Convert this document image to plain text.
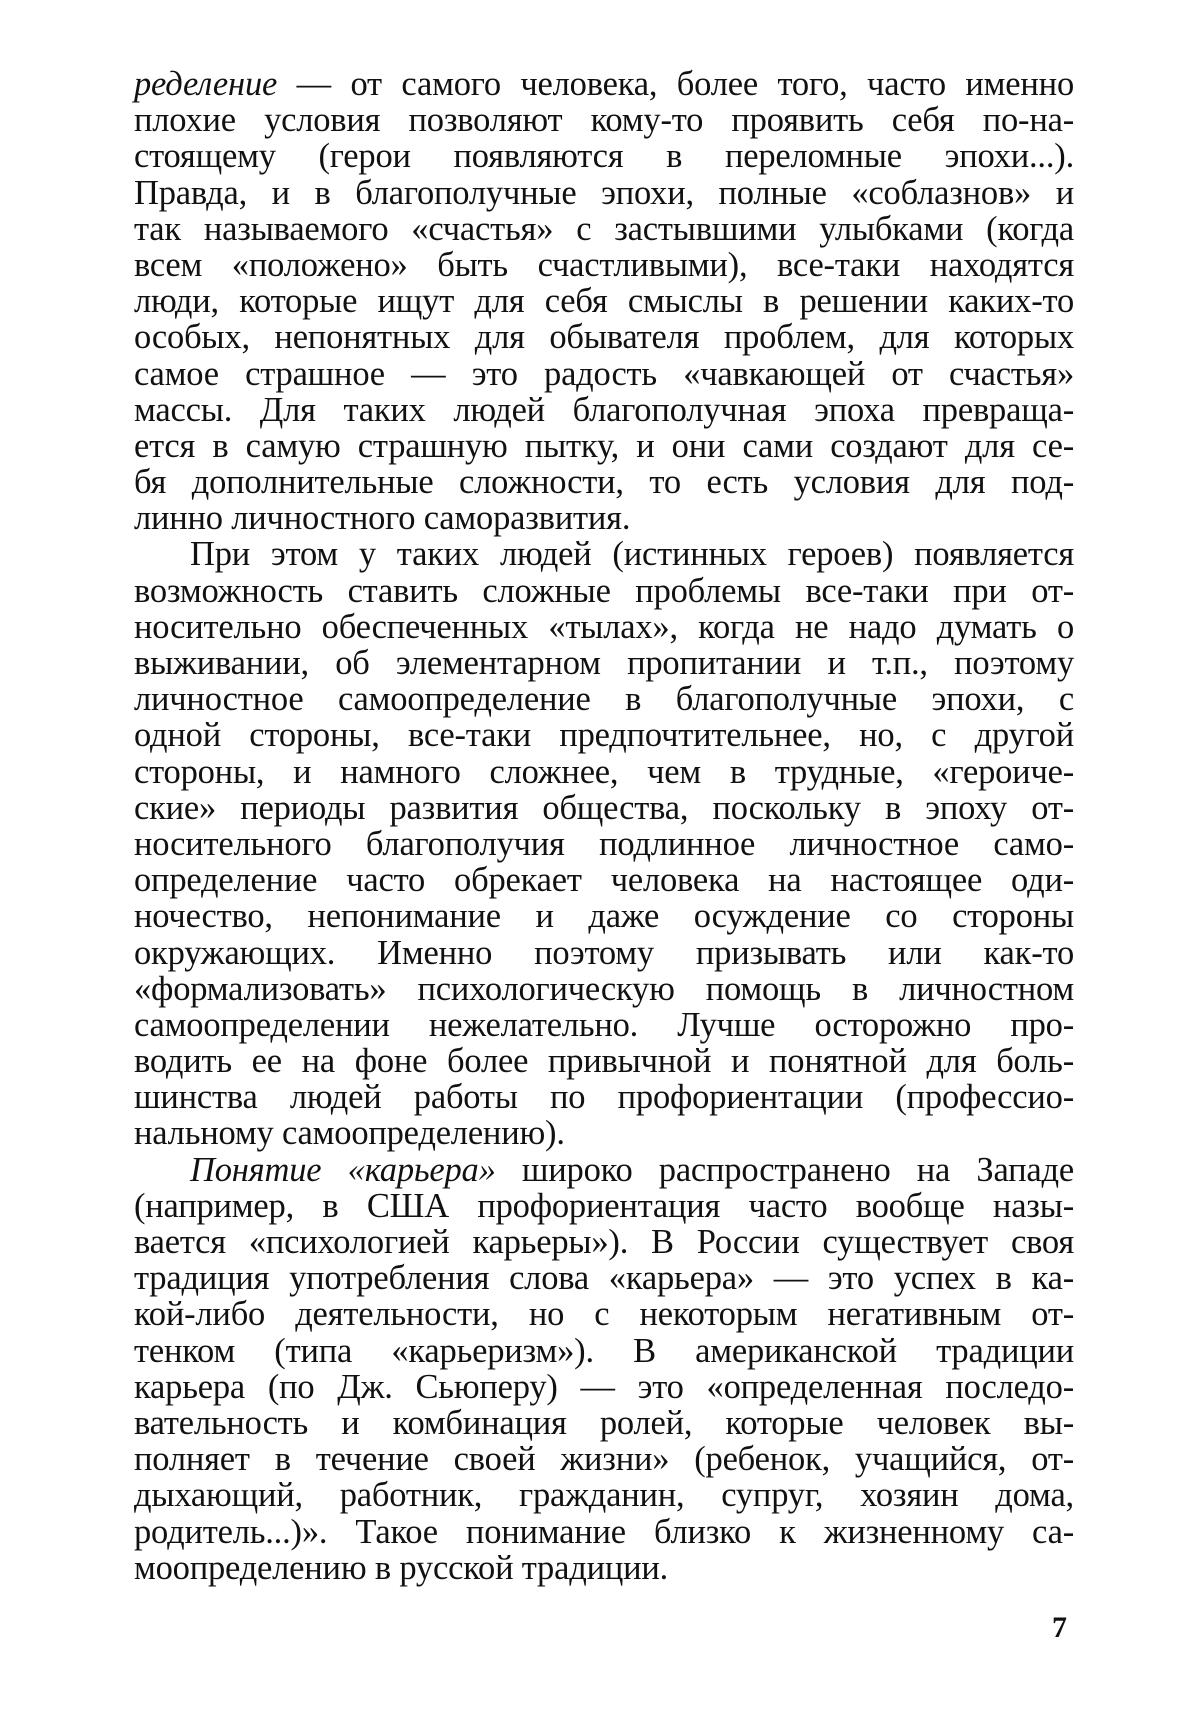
ределение — от самого человека, более того, часто именно
плохие условия позволяют кому-то проявить себя по-на-
стоящему (герои появляются в переломные эпохи...).
Правда, и в благополучные эпохи, полные «соблазнов» и
так называемого «счастья» с застывшими улыбками (когда
всем «положено» быть счастливыми), все-таки находятся
люди, которые ищут для себя смыслы в решении каких-то
особых, непонятных для обывателя проблем, для которых
самое страшное — это радость «чавкающей от счастья»
массы. Для таких людей благополучная эпоха превраща-
ется в самую страшную пытку, и они сами создают для се-
бя дополнительные сложности, то есть условия для под-
линно личностного саморазвития.
При этом у таких людей (истинных героев) появляется
возможность ставить сложные проблемы все-таки при от-
носительно обеспеченных «тылах», когда не надо думать о
выживании, об элементарном пропитании и т.п., поэтому
личностное самоопределение в благополучные эпохи, с
одной стороны, все-таки предпочтительнее, но, с другой
стороны, и намного сложнее, чем в трудные, «героиче-
ские» периоды развития общества, поскольку в эпоху от-
носительного благополучия подлинное личностное само-
определение часто обрекает человека на настоящее оди-
ночество, непонимание и даже осуждение со стороны
окружающих. Именно поэтому призывать или как-то
«формализовать» психологическую помощь в личностном
самоопределении нежелательно. Лучше осторожно про-
водить ее на фоне более привычной и понятной для боль-
шинства людей работы по профориентации (профессио-
нальному самоопределению).
Понятие «карьера» широко распространено на Западе
(например, в США профориентация часто вообще назы-
вается «психологией карьеры»). В России существует своя
традиция употребления слова «карьера» — это успех в ка-
кой-либо деятельности, но с некоторым негативным от-
тенком (типа «карьеризм»). В американской традиции
карьера (по Дж. Сьюперу) — это «определенная последо-
вательность и комбинация ролей, которые человек вы-
полняет в течение своей жизни» (ребенок, учащийся, от-
дыхающий, работник, гражданин, супруг, хозяин дома,
родитель...)». Такое понимание близко к жизненному са-
моопределению в русской традиции.
7
